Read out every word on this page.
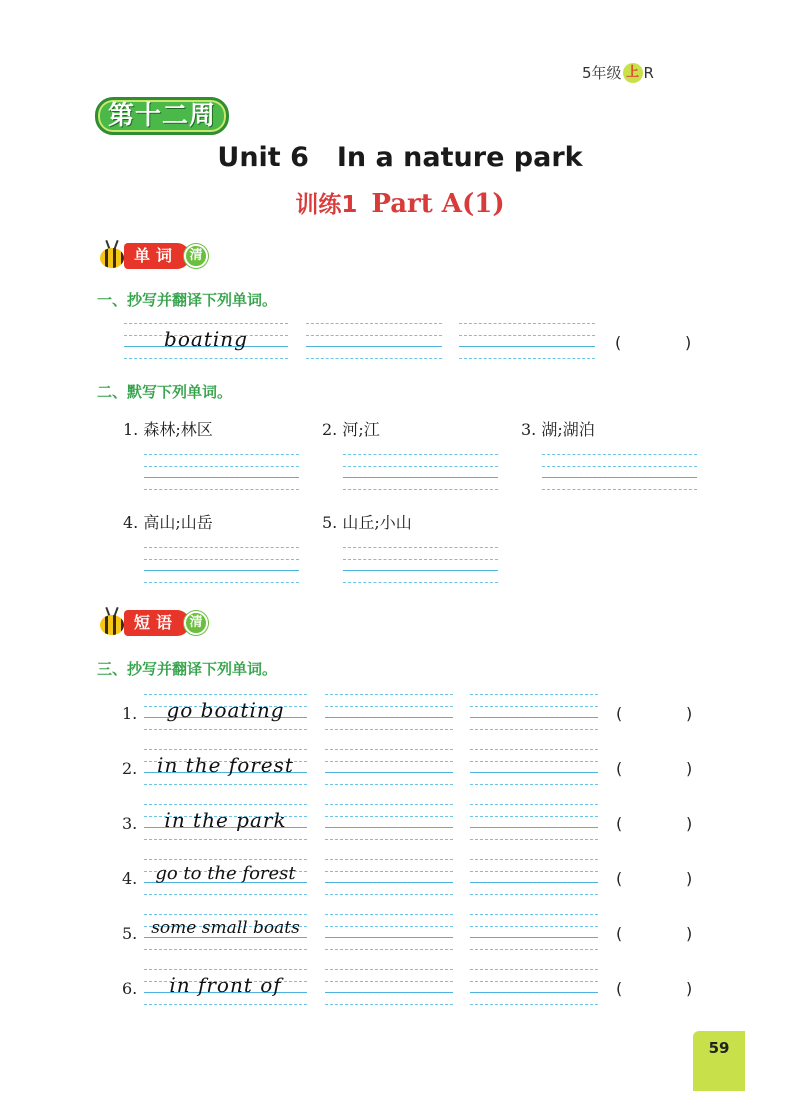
5年级 上 R
第十二周
Unit 6 In a nature park
训练1 Part A(1)
单词 清
一、抄写并翻译下列单词。
boating	(	)
二、默写下列单词。
1. 森林;林区	2. 河;江	3. 湖;湖泊
4. 高山;山岳	5. 山丘;小山
短语 清
三、抄写并翻译下列单词。
1.	go boating	(	)
2. in the forest	(	)
3.	in the park	(	)
4.	go to the forest	(	)
5. some small boats	(	)
6.	in front of	(	)
59
